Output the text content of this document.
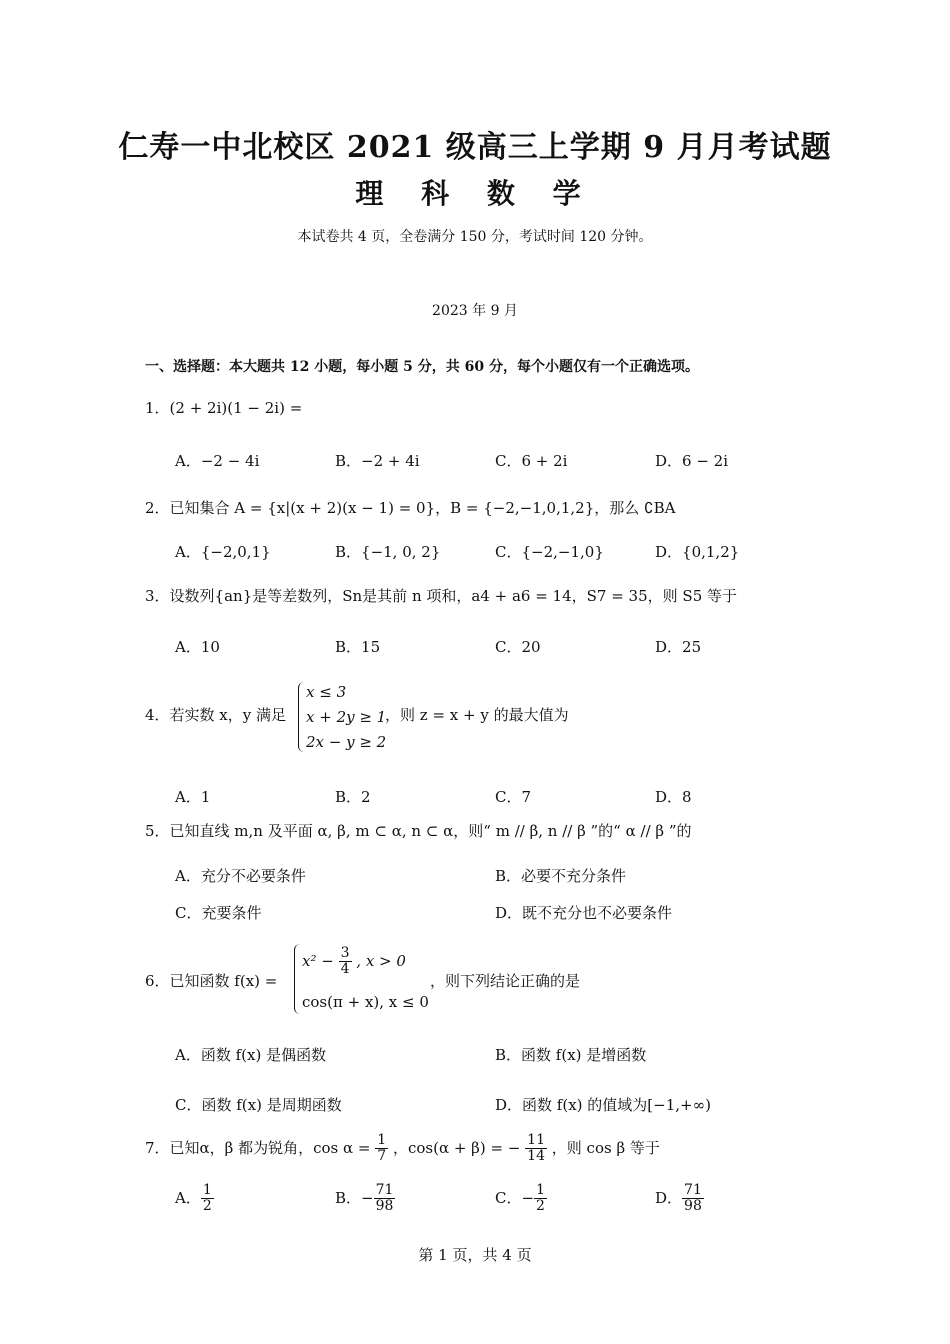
仁寿一中北校区 2021 级高三上学期 9 月月考试题
理 科 数 学
本试卷共 4 页，全卷满分 150 分，考试时间 120 分钟。
2023 年 9 月
一、选择题：本大题共 12 小题，每小题 5 分，共 60 分，每个小题仅有一个正确选项。
1．(2 + 2i)(1 − 2i) =
A．−2 − 4i	B．−2 + 4i	C．6 + 2i	D．6 − 2i
2．已知集合 A = {x|(x + 2)(x − 1) = 0}，B = {−2,−1,0,1,2}，那么 ∁BA
A．{−2,0,1}	B．{−1, 0, 2}	C．{−2,−1,0}	D．{0,1,2}
3．设数列{an}是等差数列，Sn是其前 n 项和，a4 + a6 = 14，S7 = 35，则 S5 等于
A．10	B．15	C．20	D．25
4．若实数 x，y 满足
x ≤ 3
x + 2y ≥ 1
2x − y ≥ 2
，则 z = x + y 的最大值为
A．1	B．2	C．7	D．8
5．已知直线 m,n 及平面 α, β, m ⊂ α, n ⊂ α，则“ m // β, n // β ”的“ α // β ”的
A．充分不必要条件	B．必要不充分条件
C．充要条件	D．既不充分也不必要条件
6．已知函数 f(x) =
$x^2 - \frac{3}{4}$ , x > 0
cos(π + x), x ≤ 0
，则下列结论正确的是
A．函数 f(x) 是偶函数	B．函数 f(x) 是增函数
C．函数 f(x) 是周期函数	D．函数 f(x) 的值域为[−1,+∞)
7．已知α，β 都为锐角，$\cos \alpha = \frac{1}{7}$ ，cos(α + β) = − $\frac{11}{14}$ ，则 cos β 等于
A． $\frac{1}{2}$	B．− $\frac{71}{98}$	C．− $\frac{1}{2}$	D． $\frac{71}{98}$
第 1 页，共 4 页
